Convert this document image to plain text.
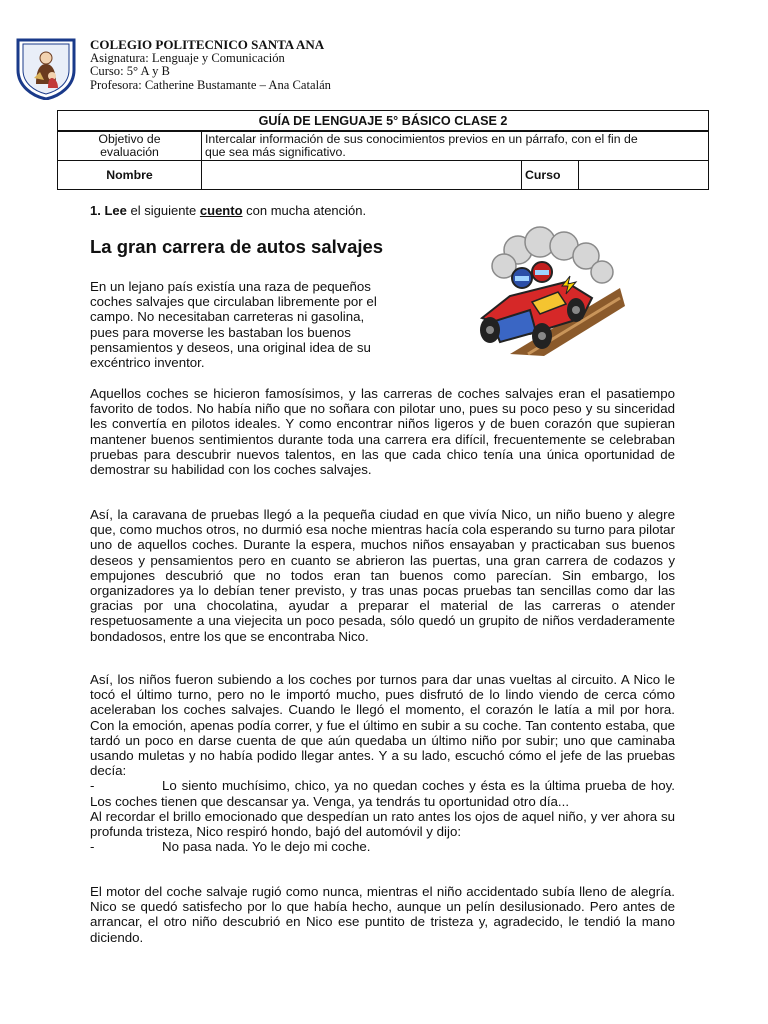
COLEGIO POLITECNICO SANTA ANA
Asignatura: Lenguaje y Comunicación
Curso: 5° A y B
Profesora: Catherine Bustamante – Ana Catalán
GUÍA DE LENGUAJE 5° BÁSICO CLASE 2
Objetivo de
evaluación	Intercalar información de sus conocimientos previos en un párrafo, con el fin de
que sea más significativo.		
Nombre		Curso	
1. Lee el siguiente cuento con mucha atención.
La gran carrera de autos salvajes
En un lejano país existía una raza de pequeños
coches salvajes que circulaban libremente por el
campo. No necesitaban carreteras ni gasolina,
pues para moverse les bastaban los buenos
pensamientos y deseos, una original idea de su
excéntrico inventor.

Aquellos coches se hicieron famosísimos, y las carreras de coches salvajes eran el pasatiempo favorito de todos. No había niño que no soñara con pilotar uno, pues su poco peso y su sinceridad les convertía en pilotos ideales. Y como encontrar niños ligeros y de buen corazón que supieran mantener buenos sentimientos durante toda una carrera era difícil, frecuentemente se celebraban pruebas para descubrir nuevos talentos, en las que cada chico tenía una única oportunidad de demostrar su habilidad con los coches salvajes.

Así, la caravana de pruebas llegó a la pequeña ciudad en que vivía Nico, un niño bueno y alegre que, como muchos otros, no durmió esa noche mientras hacía cola esperando su turno para pilotar uno de aquellos coches. Durante la espera, muchos niños ensayaban y practicaban sus buenos deseos y pensamientos pero en cuanto se abrieron las puertas, una gran carrera de codazos y empujones descubrió que no todos eran tan buenos como parecían. Sin embargo, los organizadores ya lo debían tener previsto, y tras unas pocas pruebas tan sencillas como dar las gracias por una chocolatina, ayudar a preparar el material de las carreras o atender respetuosamente a una viejecita un poco pesada, sólo quedó un grupito de niños verdaderamente bondadosos, entre los que se encontraba Nico.

Así, los niños fueron subiendo a los coches por turnos para dar unas vueltas al circuito. A Nico le tocó el último turno, pero no le importó mucho, pues disfrutó de lo lindo viendo de cerca cómo aceleraban los coches salvajes. Cuando le llegó el momento, el corazón le latía a mil por hora. Con la emoción, apenas podía correr, y fue el último en subir a su coche. Tan contento estaba, que tardó un poco en darse cuenta de que aún quedaba un último niño por subir; uno que caminaba usando muletas y no había podido llegar antes. Y a su lado, escuchó cómo el jefe de las pruebas decía:
-	Lo siento muchísimo, chico, ya no quedan coches y ésta es la última prueba de hoy. Los coches tienen que descansar ya. Venga, ya tendrás tu oportunidad otro día...
Al recordar el brillo emocionado que despedían un rato antes los ojos de aquel niño, y ver ahora su profunda tristeza, Nico respiró hondo, bajó del automóvil y dijo:
-	No pasa nada. Yo le dejo mi coche.

El motor del coche salvaje rugió como nunca, mientras el niño accidentado subía lleno de alegría. Nico se quedó satisfecho por lo que había hecho, aunque un pelín desilusionado. Pero antes de arrancar, el otro niño descubrió en Nico ese puntito de tristeza y, agradecido, le tendió la mano diciendo.
